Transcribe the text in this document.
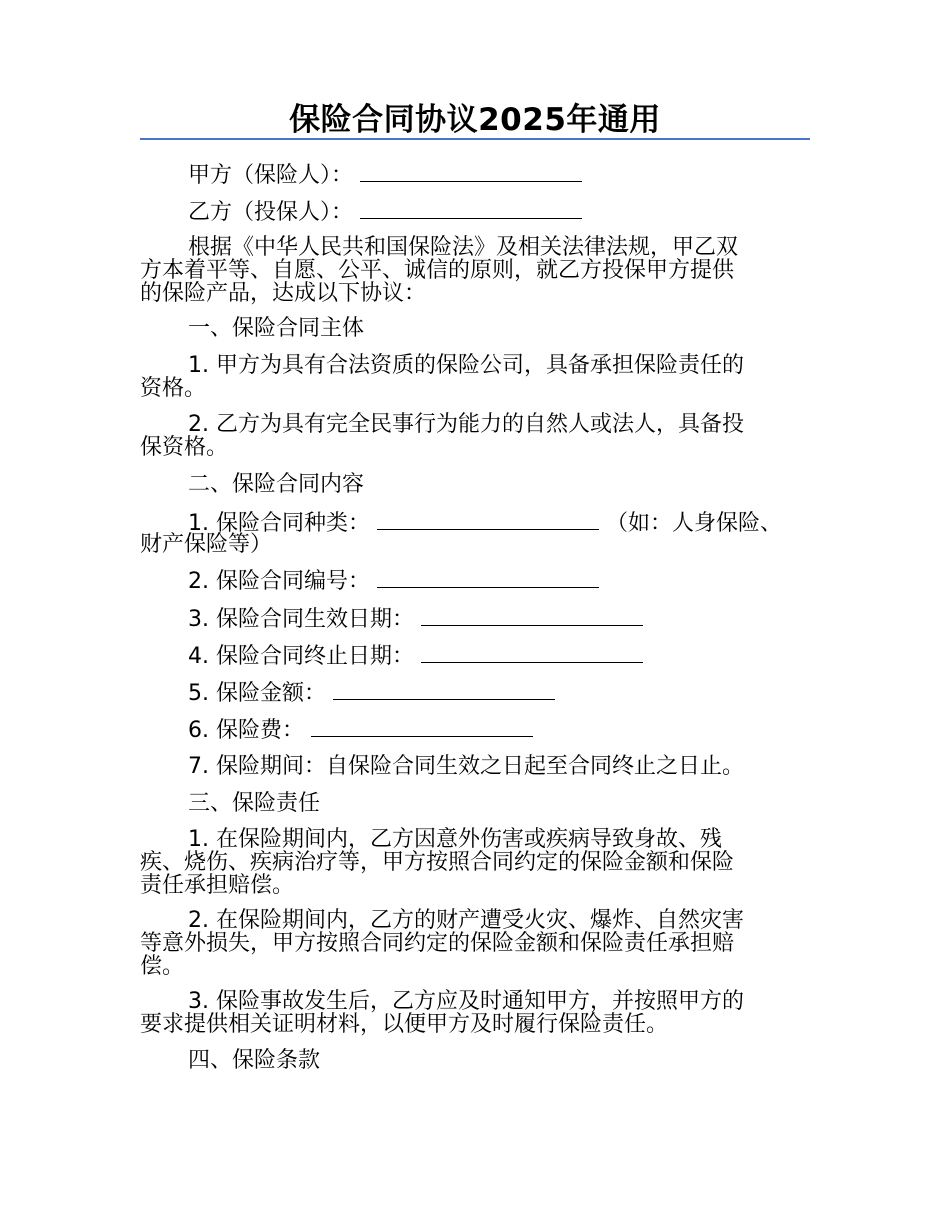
保险合同协议2025年通用
甲方（保险人）：
乙方（投保人）：
根据《中华人民共和国保险法》及相关法律法规，甲乙双
方本着平等、自愿、公平、诚信的原则，就乙方投保甲方提供
的保险产品，达成以下协议：
一、保险合同主体
1. 甲方为具有合法资质的保险公司，具备承担保险责任的
资格。
2. 乙方为具有完全民事行为能力的自然人或法人，具备投
保资格。
二、保险合同内容
1. 保险合同种类：	（如：人身保险、
财产保险等）
2. 保险合同编号：
3. 保险合同生效日期：
4. 保险合同终止日期：
5. 保险金额：
6. 保险费：
7. 保险期间：自保险合同生效之日起至合同终止之日止。
三、保险责任
1. 在保险期间内，乙方因意外伤害或疾病导致身故、残
疾、烧伤、疾病治疗等，甲方按照合同约定的保险金额和保险
责任承担赔偿。
2. 在保险期间内，乙方的财产遭受火灾、爆炸、自然灾害
等意外损失，甲方按照合同约定的保险金额和保险责任承担赔
偿。
3. 保险事故发生后，乙方应及时通知甲方，并按照甲方的
要求提供相关证明材料，以便甲方及时履行保险责任。
四、保险条款
